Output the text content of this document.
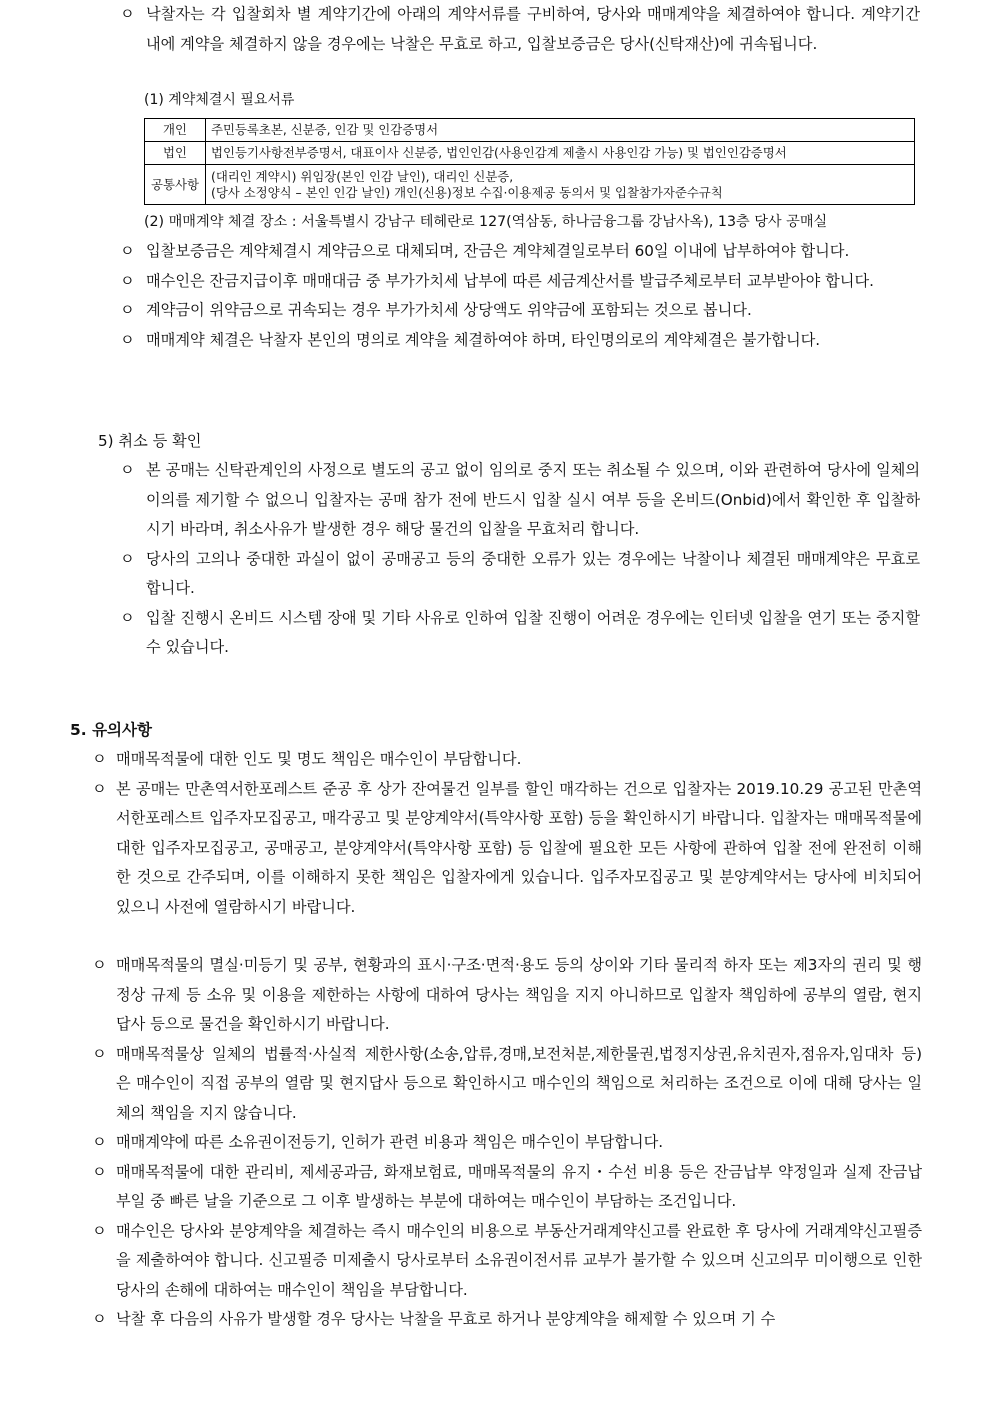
ㅇ 낙찰자는 각 입찰회차 별 계약기간에 아래의 계약서류를 구비하여, 당사와 매매계약을 체결하여야 합니다. 계약기간 내에 계약을 체결하지 않을 경우에는 낙찰은 무효로 하고, 입찰보증금은 당사(신탁재산)에 귀속됩니다.
(1) 계약체결시 필요서류
개인	주민등록초본, 신분증, 인감 및 인감증명서
법인	법인등기사항전부증명서, 대표이사 신분증, 법인인감(사용인감계 제출시 사용인감 가능) 및 법인인감증명서
공통사항	(대리인 계약시) 위임장(본인 인감 날인), 대리인 신분증,
(당사 소정양식 – 본인 인감 날인) 개인(신용)정보 수집·이용제공 동의서 및 입찰참가자준수규칙
(2) 매매계약 체결 장소 : 서울특별시 강남구 테헤란로 127(역삼동, 하나금융그룹 강남사옥), 13층 당사 공매실
ㅇ 입찰보증금은 계약체결시 계약금으로 대체되며, 잔금은 계약체결일로부터 60일 이내에 납부하여야 합니다.
ㅇ 매수인은 잔금지급이후 매매대금 중 부가가치세 납부에 따른 세금계산서를 발급주체로부터 교부받아야 합니다.
ㅇ 계약금이 위약금으로 귀속되는 경우 부가가치세 상당액도 위약금에 포함되는 것으로 봅니다.
ㅇ 매매계약 체결은 낙찰자 본인의 명의로 계약을 체결하여야 하며, 타인명의로의 계약체결은 불가합니다.
5) 취소 등 확인
ㅇ 본 공매는 신탁관계인의 사정으로 별도의 공고 없이 임의로 중지 또는 취소될 수 있으며, 이와 관련하여 당사에 일체의 이의를 제기할 수 없으니 입찰자는 공매 참가 전에 반드시 입찰 실시 여부 등을 온비드(Onbid)에서 확인한 후 입찰하시기 바라며, 취소사유가 발생한 경우 해당 물건의 입찰을 무효처리 합니다.
ㅇ 당사의 고의나 중대한 과실이 없이 공매공고 등의 중대한 오류가 있는 경우에는 낙찰이나 체결된 매매계약은 무효로 합니다.
ㅇ 입찰 진행시 온비드 시스템 장애 및 기타 사유로 인하여 입찰 진행이 어려운 경우에는 인터넷 입찰을 연기 또는 중지할 수 있습니다.
5. 유의사항
ㅇ 매매목적물에 대한 인도 및 명도 책임은 매수인이 부담합니다.
ㅇ 본 공매는 만촌역서한포레스트 준공 후 상가 잔여물건 일부를 할인 매각하는 건으로 입찰자는 2019.10.29 공고된 만촌역서한포레스트 입주자모집공고, 매각공고 및 분양계약서(특약사항 포함) 등을 확인하시기 바랍니다. 입찰자는 매매목적물에 대한 입주자모집공고, 공매공고, 분양계약서(특약사항 포함) 등 입찰에 필요한 모든 사항에 관하여 입찰 전에 완전히 이해한 것으로 간주되며, 이를 이해하지 못한 책임은 입찰자에게 있습니다. 입주자모집공고 및 분양계약서는 당사에 비치되어 있으니 사전에 열람하시기 바랍니다.
ㅇ 매매목적물의 멸실·미등기 및 공부, 현황과의 표시·구조·면적·용도 등의 상이와 기타 물리적 하자 또는 제3자의 권리 및 행정상 규제 등 소유 및 이용을 제한하는 사항에 대하여 당사는 책임을 지지 아니하므로 입찰자 책임하에 공부의 열람, 현지 답사 등으로 물건을 확인하시기 바랍니다.
ㅇ 매매목적물상 일체의 법률적·사실적 제한사항(소송,압류,경매,보전처분,제한물권,법정지상권,유치권자,점유자,임대차 등)은 매수인이 직접 공부의 열람 및 현지답사 등으로 확인하시고 매수인의 책임으로 처리하는 조건으로 이에 대해 당사는 일체의 책임을 지지 않습니다.
ㅇ 매매계약에 따른 소유권이전등기, 인허가 관련 비용과 책임은 매수인이 부담합니다.
ㅇ 매매목적물에 대한 관리비, 제세공과금, 화재보험료, 매매목적물의 유지・수선 비용 등은 잔금납부 약정일과 실제 잔금납부일 중 빠른 날을 기준으로 그 이후 발생하는 부분에 대하여는 매수인이 부담하는 조건입니다.
ㅇ 매수인은 당사와 분양계약을 체결하는 즉시 매수인의 비용으로 부동산거래계약신고를 완료한 후 당사에 거래계약신고필증을 제출하여야 합니다. 신고필증 미제출시 당사로부터 소유권이전서류 교부가 불가할 수 있으며 신고의무 미이행으로 인한 당사의 손해에 대하여는 매수인이 책임을 부담합니다.
ㅇ 낙찰 후 다음의 사유가 발생할 경우 당사는 낙찰을 무효로 하거나 분양계약을 해제할 수 있으며 기 수
